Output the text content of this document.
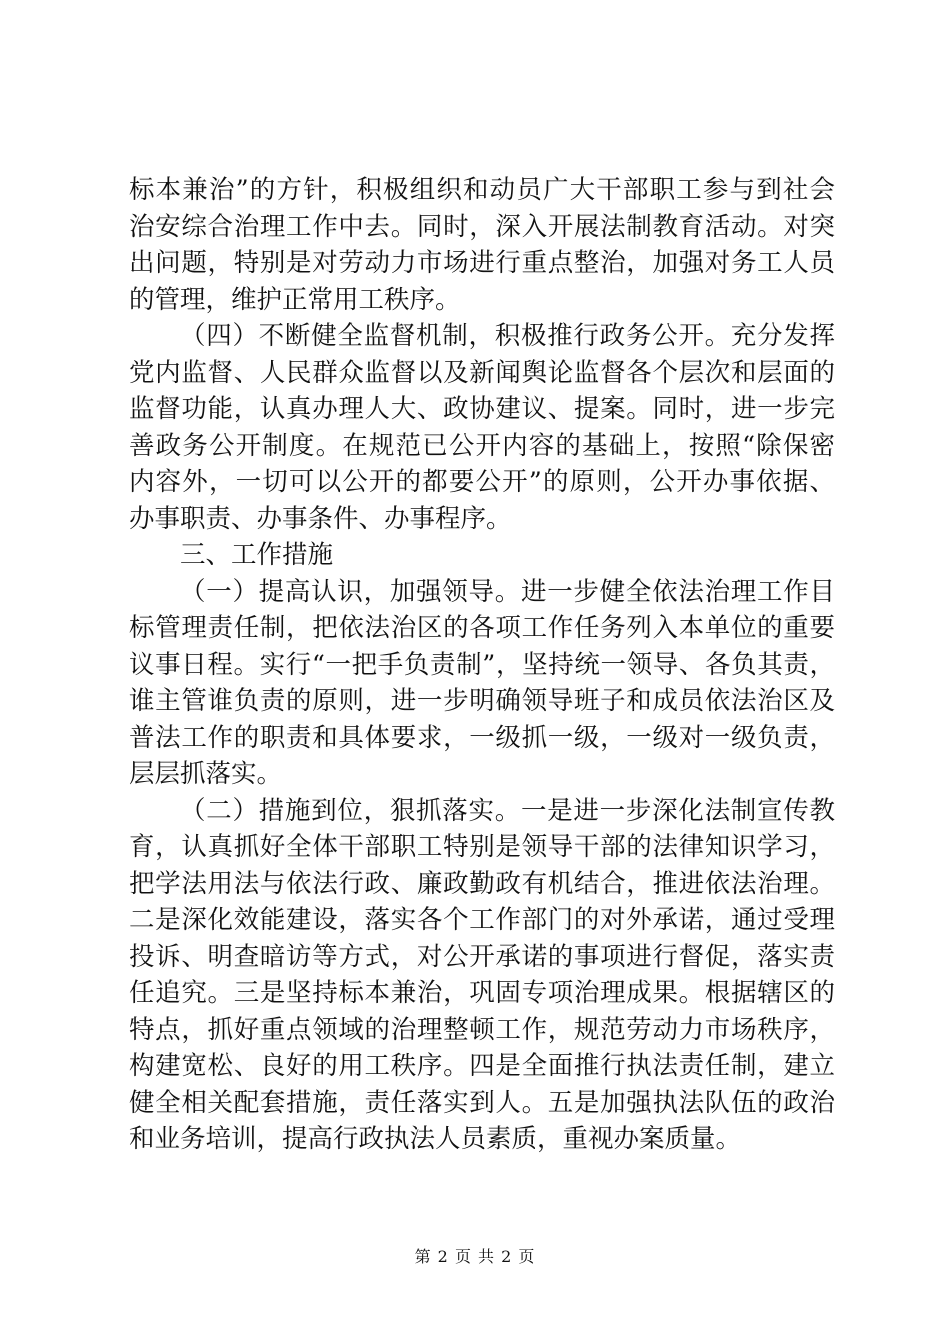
标本兼治”的方针，积极组织和动员广大干部职工参与到社会
治安综合治理工作中去。同时，深入开展法制教育活动。对突
出问题，特别是对劳动力市场进行重点整治，加强对务工人员
的管理，维护正常用工秩序。
（四）不断健全监督机制，积极推行政务公开。充分发挥
党内监督、人民群众监督以及新闻舆论监督各个层次和层面的
监督功能，认真办理人大、政协建议、提案。同时，进一步完
善政务公开制度。在规范已公开内容的基础上，按照“除保密
内容外，一切可以公开的都要公开”的原则，公开办事依据、
办事职责、办事条件、办事程序。
三、工作措施
（一）提高认识，加强领导。进一步健全依法治理工作目
标管理责任制，把依法治区的各项工作任务列入本单位的重要
议事日程。实行“一把手负责制”，坚持统一领导、各负其责，
谁主管谁负责的原则，进一步明确领导班子和成员依法治区及
普法工作的职责和具体要求，一级抓一级，一级对一级负责，
层层抓落实。
（二）措施到位，狠抓落实。一是进一步深化法制宣传教
育，认真抓好全体干部职工特别是领导干部的法律知识学习，
把学法用法与依法行政、廉政勤政有机结合，推进依法治理。
二是深化效能建设，落实各个工作部门的对外承诺，通过受理
投诉、明查暗访等方式，对公开承诺的事项进行督促，落实责
任追究。三是坚持标本兼治，巩固专项治理成果。根据辖区的
特点，抓好重点领域的治理整顿工作，规范劳动力市场秩序，
构建宽松、良好的用工秩序。四是全面推行执法责任制，建立
健全相关配套措施，责任落实到人。五是加强执法队伍的政治
和业务培训，提高行政执法人员素质，重视办案质量。
第 2 页 共 2 页
